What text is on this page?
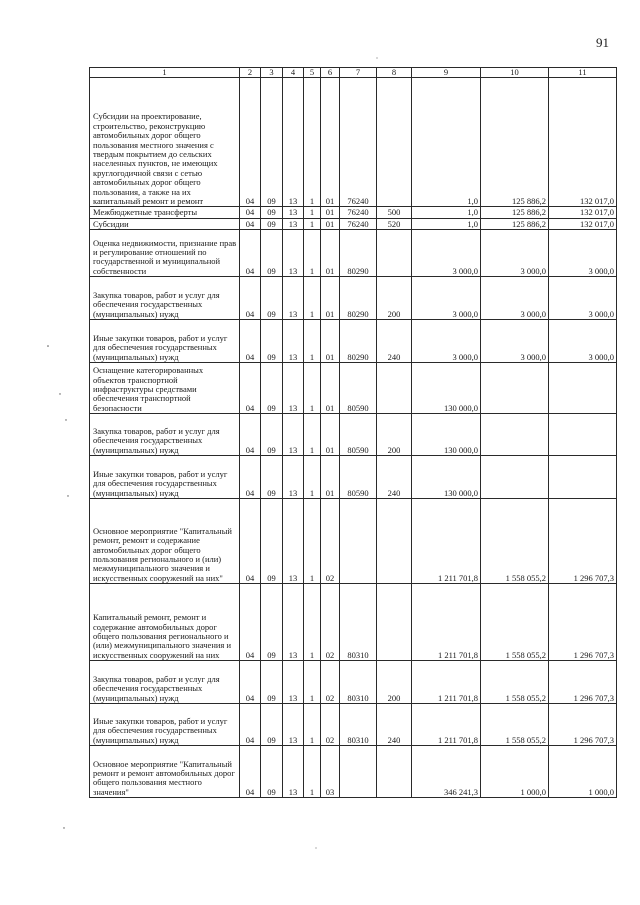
91
1	2	3	4	5	6	7	8	9	10	11
Субсидии на проектирование, строительство, реконструкцию автомобильных дорог общего пользования местного значения с твердым покрытием до сельских населенных пунктов, не имеющих круглогодичной связи с сетью автомобильных дорог общего пользования, а также на их капитальный ремонт и ремонт	04	09	13	1	01	76240		1,0	125 886,2	132 017,0
Межбюджетные трансферты	04	09	13	1	01	76240	500	1,0	125 886,2	132 017,0
Субсидии	04	09	13	1	01	76240	520	1,0	125 886,2	132 017,0
Оценка недвижимости, признание прав и регулирование отношений по государственной и муниципальной собственности	04	09	13	1	01	80290		3 000,0	3 000,0	3 000,0
Закупка товаров, работ и услуг для обеспечения государственных (муниципальных) нужд	04	09	13	1	01	80290	200	3 000,0	3 000,0	3 000,0
Иные закупки товаров, работ и услуг для обеспечения государственных (муниципальных) нужд	04	09	13	1	01	80290	240	3 000,0	3 000,0	3 000,0
Оснащение категорированных объектов транспортной инфраструктуры средствами обеспечения транспортной безопасности	04	09	13	1	01	80590		130 000,0		
Закупка товаров, работ и услуг для обеспечения государственных (муниципальных) нужд	04	09	13	1	01	80590	200	130 000,0		
Иные закупки товаров, работ и услуг для обеспечения государственных (муниципальных) нужд	04	09	13	1	01	80590	240	130 000,0		
Основное мероприятие "Капитальный ремонт, ремонт и содержание автомобильных дорог общего пользования регионального и (или) межмуниципального значения и искусственных сооружений на них"	04	09	13	1	02			1 211 701,8	1 558 055,2	1 296 707,3
Капитальный ремонт, ремонт и содержание автомобильных дорог общего пользования регионального и (или) межмуниципального значения и искусственных сооружений на них	04	09	13	1	02	80310		1 211 701,8	1 558 055,2	1 296 707,3
Закупка товаров, работ и услуг для обеспечения государственных (муниципальных) нужд	04	09	13	1	02	80310	200	1 211 701,8	1 558 055,2	1 296 707,3
Иные закупки товаров, работ и услуг для обеспечения государственных (муниципальных) нужд	04	09	13	1	02	80310	240	1 211 701,8	1 558 055,2	1 296 707,3
Основное мероприятие "Капитальный ремонт и ремонт автомобильных дорог общего пользования местного значения"	04	09	13	1	03			346 241,3	1 000,0	1 000,0
